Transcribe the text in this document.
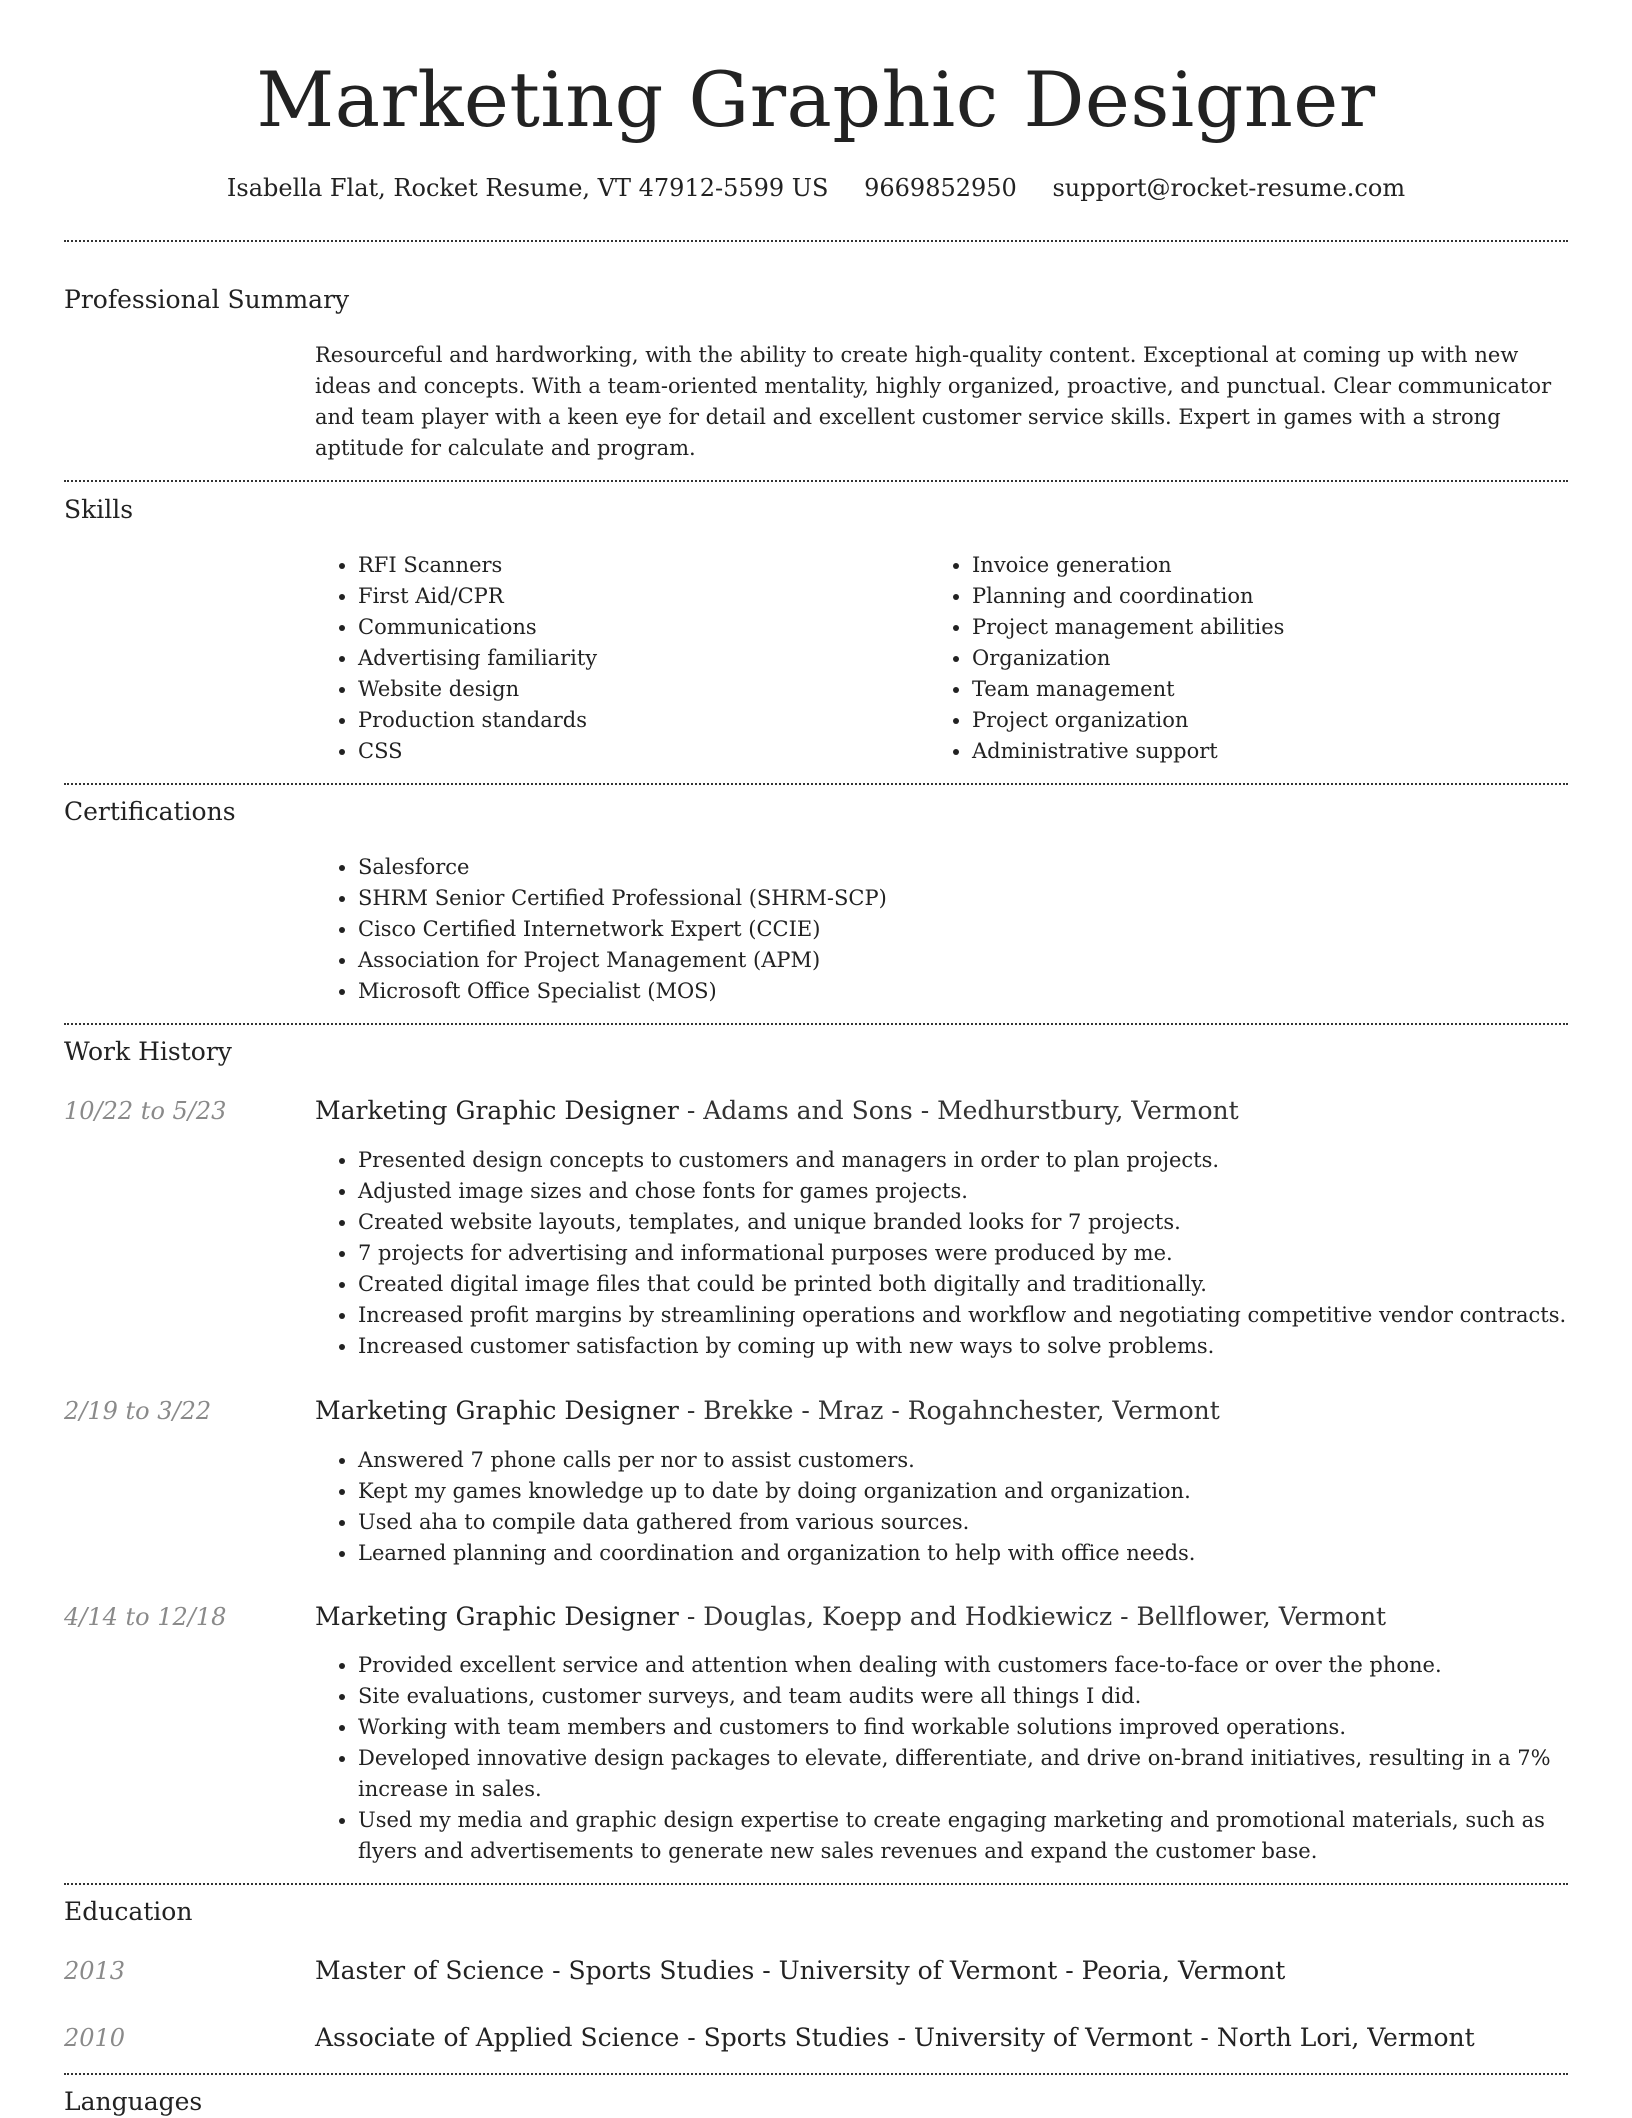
Marketing Graphic Designer
Isabella Flat, Rocket Resume, VT 47912-5599 US 9669852950 support@rocket-resume.com
Professional Summary
Resourceful and hardworking, with the ability to create high-quality content. Exceptional at coming up with new ideas and concepts. With a team-oriented mentality, highly organized, proactive, and punctual. Clear communicator and team player with a keen eye for detail and excellent customer service skills. Expert in games with a strong aptitude for calculate and program.
Skills
• RFI Scanners
• First Aid/CPR
• Communications
• Advertising familiarity
• Website design
• Production standards
• CSS
• Invoice generation
• Planning and coordination
• Project management abilities
• Organization
• Team management
• Project organization
• Administrative support
Certifications
• Salesforce
• SHRM Senior Certified Professional (SHRM-SCP)
• Cisco Certified Internetwork Expert (CCIE)
• Association for Project Management (APM)
• Microsoft Office Specialist (MOS)
Work History
10/22 to 5/23	Marketing Graphic Designer - Adams and Sons - Medhurstbury, Vermont
• Presented design concepts to customers and managers in order to plan projects.
• Adjusted image sizes and chose fonts for games projects.
• Created website layouts, templates, and unique branded looks for 7 projects.
• 7 projects for advertising and informational purposes were produced by me.
• Created digital image files that could be printed both digitally and traditionally.
• Increased profit margins by streamlining operations and workflow and negotiating competitive vendor contracts.
• Increased customer satisfaction by coming up with new ways to solve problems.
2/19 to 3/22	Marketing Graphic Designer - Brekke - Mraz - Rogahnchester, Vermont
• Answered 7 phone calls per nor to assist customers.
• Kept my games knowledge up to date by doing organization and organization.
• Used aha to compile data gathered from various sources.
• Learned planning and coordination and organization to help with office needs.
4/14 to 12/18	Marketing Graphic Designer - Douglas, Koepp and Hodkiewicz - Bellflower, Vermont
• Provided excellent service and attention when dealing with customers face-to-face or over the phone.
• Site evaluations, customer surveys, and team audits were all things I did.
• Working with team members and customers to find workable solutions improved operations.
• Developed innovative design packages to elevate, differentiate, and drive on-brand initiatives, resulting in a 7% increase in sales.
• Used my media and graphic design expertise to create engaging marketing and promotional materials, such as flyers and advertisements to generate new sales revenues and expand the customer base.
Education
2013	Master of Science - Sports Studies - University of Vermont - Peoria, Vermont
2010	Associate of Applied Science - Sports Studies - University of Vermont - North Lori, Vermont
Languages
